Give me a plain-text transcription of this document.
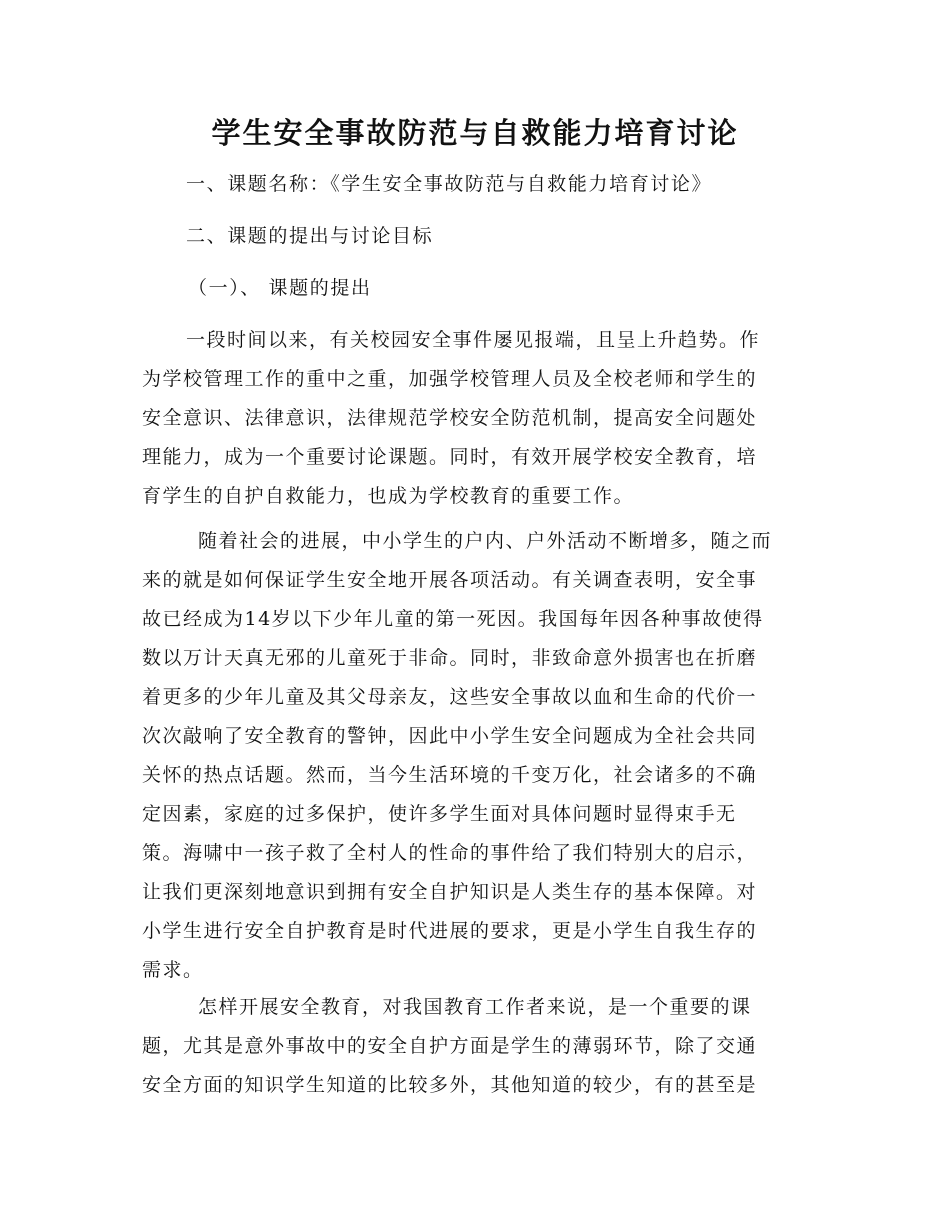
学生安全事故防范与自救能力培育讨论
一、课题名称：《学生安全事故防范与自救能力培育讨论》
二、课题的提出与讨论目标
（一）、 课题的提出
一段时间以来，有关校园安全事件屡见报端，且呈上升趋势。作
为学校管理工作的重中之重，加强学校管理人员及全校老师和学生的
安全意识、法律意识，法律规范学校安全防范机制，提高安全问题处
理能力，成为一个重要讨论课题。同时，有效开展学校安全教育，培
育学生的自护自救能力，也成为学校教育的重要工作。
随着社会的进展，中小学生的户内、户外活动不断增多，随之而
来的就是如何保证学生安全地开展各项活动。有关调查表明，安全事
故已经成为14岁以下少年儿童的第一死因。我国每年因各种事故使得
数以万计天真无邪的儿童死于非命。同时，非致命意外损害也在折磨
着更多的少年儿童及其父母亲友，这些安全事故以血和生命的代价一
次次敲响了安全教育的警钟，因此中小学生安全问题成为全社会共同
关怀的热点话题。然而，当今生活环境的千变万化，社会诸多的不确
定因素，家庭的过多保护，使许多学生面对具体问题时显得束手无
策。海啸中一孩子救了全村人的性命的事件给了我们特别大的启示，
让我们更深刻地意识到拥有安全自护知识是人类生存的基本保障。对
小学生进行安全自护教育是时代进展的要求，更是小学生自我生存的
需求。
怎样开展安全教育，对我国教育工作者来说，是一个重要的课
题，尤其是意外事故中的安全自护方面是学生的薄弱环节，除了交通
安全方面的知识学生知道的比较多外，其他知道的较少，有的甚至是
